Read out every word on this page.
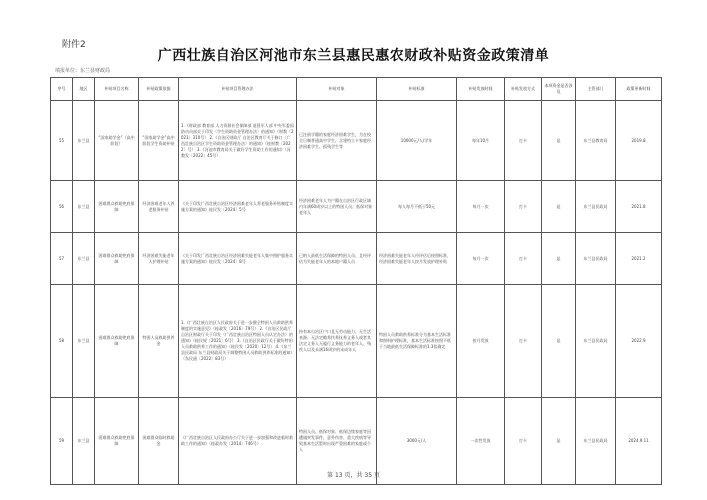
附件2
广西壮族自治区河池市东兰县惠民惠农财政补贴资金政策清单
填报单位：东兰县财政局
序号	地区	补贴项目名称	补贴政策依据	补贴项目管理办法	补贴对象	补贴标准	补贴发放时间	补贴发放方式	本项资金是否涉及	主管部门	政策更新时间
55	东兰县	“国家助学金”（高中阶段）	“国家助学金”高中阶段学生资助补贴	1.《财政部 教育部 人力资源社会保障部 退役军人部 中央军委国防动员部关于印发〈学生资助资金管理办法〉的通知》（财教〔2021〕310号） 2.《自治区财政厅 自治区教育厅关于修订〈广西壮族自治区学生资助资金管理办法〉的通知》（桂财教〔2022〕号） 3.《河池市教育局关于做好学生资助工作的通知》（河教发〔2022〕45号）	已注册学籍的家庭经济困难学生，为在校全日制普通高中学生，含建档立卡家庭经济困难学生、孤残学生等	10000元/人/学年	每年10月	打卡	是	东兰县教育局	2019.8
56	东兰县	困难群众救助兜底保障	经济困难老年人养老服务补贴	《关于印发广西壮族自治区经济困难老年人养老服务补贴制度实施方案的通知》桂民发〔2024〕5号	经济困难老年人为户籍在自治区行政区域内年满60周岁以上的特困人员、低保对象老年人	每人每月不低于50元	每月一次	打卡	是	东兰县民政局	2021.8
57	东兰县	困难群众救助兜底保障	经济困难失能老年人护理补贴	《关于印发广西壮族自治区经济困难失能老年人集中照护服务实施方案的通知》桂民发〔2024〕8号	已纳入最低生活保障的特困人员、且经评估为失能老年人的本地户籍人员	经济困难失能老年人经评估后按照标准，经济困难失能老年人按月发放护理补贴	每月一次	打卡	是	东兰县民政局	2021.2
58	东兰县	困难群众救助兜底保障	特困人员救助供养金	1.《广西壮族自治区人民政府关于进一步健全特困人员救助供养制度的实施意见》（桂政发〔2016〕79号） 2.《自治区民政厅 自治区财政厅关于印发〈广西壮族自治区特困人员认定办法〉的通知》（桂民规〔2021〕6号） 3.《自治区民政厅关于做好特困人员救助供养工作的通知》（桂民发〔2020〕12号） 4.《东兰县民政局 东兰县财政局关于调整特困人员救助供养标准的通知》（东民函〔2022〕83号）	持有本自治区户口且无劳动能力、无生活来源、无法定赡养扶养抚养义务人或者其法定义务人无履行义务能力的老年人、残疾人以及未满16周岁的未成年人	特困人员救助供养标准分为基本生活标准和照料护理标准，基本生活标准按照不低于当地最低生活保障标准的1.3倍确定	按月发放	打卡	是	东兰县民政局	2022.9
59	东兰县	困难群众救助兜底保障	困难群众临时救助金	《广西壮族自治区人民政府办公厅关于进一步加强和改进临时救助工作的通知》（桂政办发〔2014〕746号）	特困人员、低保对象、低保边缘家庭等因遭遇突发事件、意外伤害、重大疾病等导致基本生活暂时出现严重困难的家庭或个人	3000元/人	一次性发放	打卡	是	东兰县民政局	2024.9.11
第 13 页，共 35 页
